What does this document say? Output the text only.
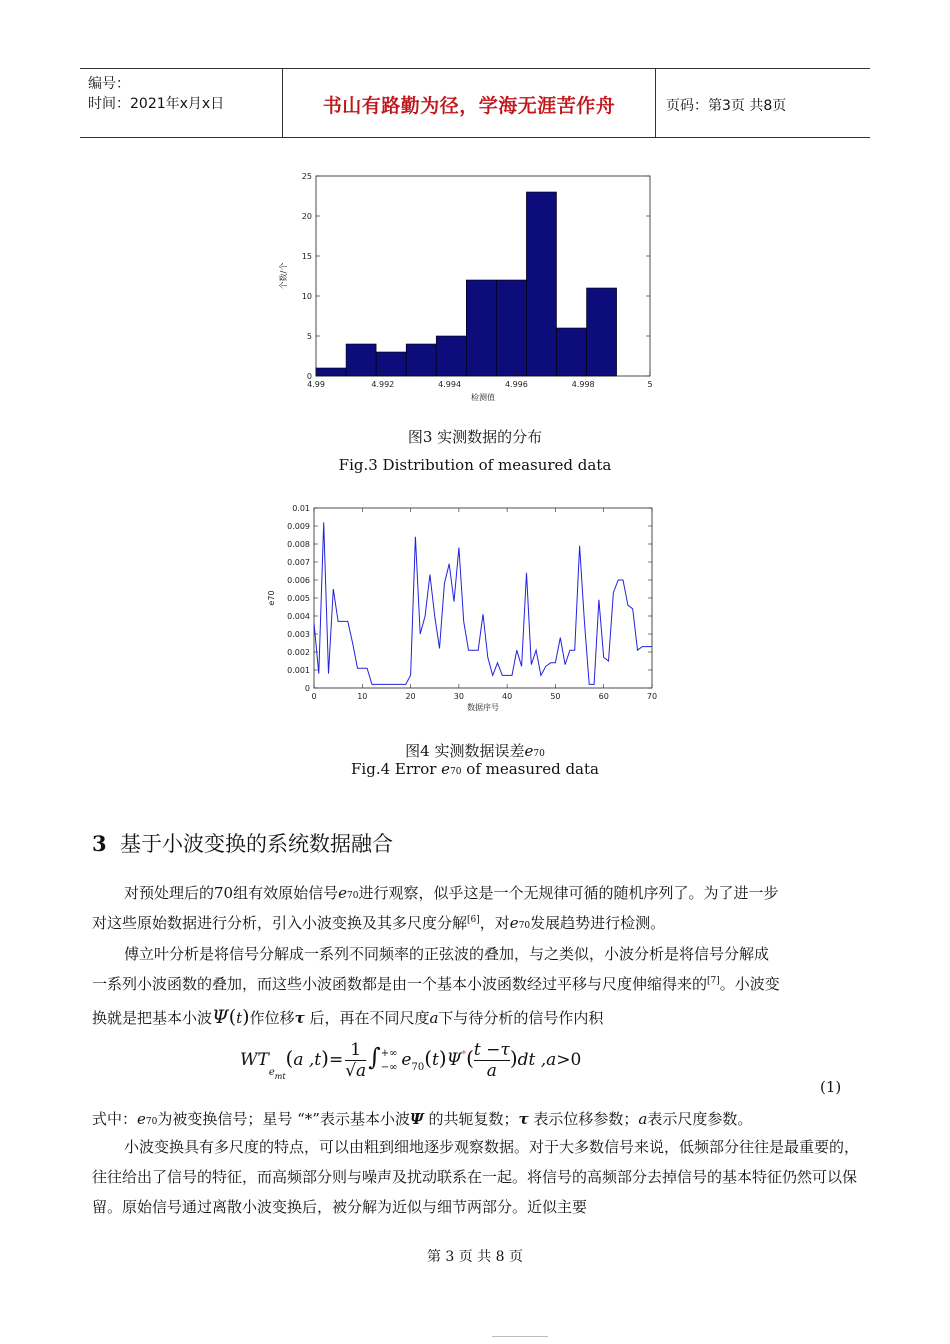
编号：
时间：2021年x月x日	书山有路勤为径，学海无涯苦作舟	页码：第3页 共8页
0
5
10
15
20
25
4.99	4.992	4.994	4.996	4.998	5
检测值
个数/个
图3 实测数据的分布
Fig.3 Distribution of measured data
0
0.001
0.002
0.003
0.004
0.005
0.006
0.007
0.008
0.009
0.01
0	10	20	30	40	50	60	70
数据序号
e70
图4 实测数据误差e70
Fig.4 Error e70 of measured data
3 基于小波变换的系统数据融合
对预处理后的70组有效原始信号e70进行观察，似乎这是一个无规律可循的随机序列了。为了进一步
对这些原始数据进行分析，引入小波变换及其多尺度分解[6]，对e70发展趋势进行检测。
傅立叶分析是将信号分解成一系列不同频率的正弦波的叠加，与之类似，小波分析是将信号分解成
一系列小波函数的叠加，而这些小波函数都是由一个基本小波函数经过平移与尺度伸缩得来的[7]。小波变
换就是把基本小波Ψ(t)作位移τ 后，再在不同尺度a下与待分析的信号作内积
$WT_{emt}(a$ $,t)= \frac{1}{√a}$ ∫ +∞
−∞ $e_{70}(t)\Psi^*( \frac{t -\tau}{a} )dt$ ,a>0
(1)
式中：e70为被变换信号；星号 “*”表示基本小波Ψ 的共轭复数；τ 表示位移参数；a表示尺度参数。
小波变换具有多尺度的特点，可以由粗到细地逐步观察数据。对于大多数信号来说，低频部分往往是最重要的，往往给出了信号的特征，而高频部分则与噪声及扰动联系在一起。将信号的高频部分去掉信号的基本特征仍然可以保留。原始信号通过离散小波变换后，被分解为近似与细节两部分。近似主要
第 3 页 共 8 页
